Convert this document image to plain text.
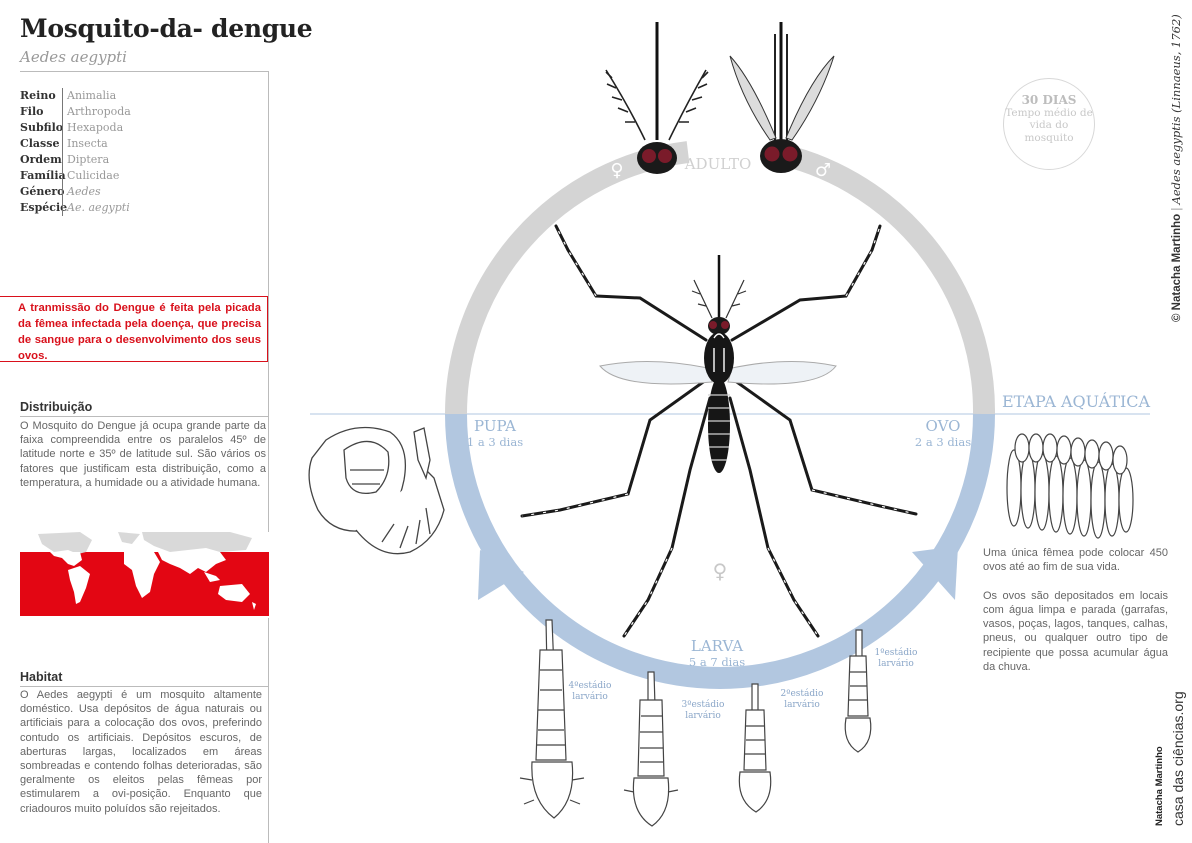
Mosquito-da- dengue
Aedes aegypti
Reino	Animalia
Filo	Arthropoda
Subfilo Hexapoda
Classe Insecta
Ordem Diptera
Família Culicidae
Género Aedes
Espécie Ae. aegypti
A tranmissão do Dengue é feita pela picada da fêmea infectada pela doença, que precisa de sangue para o desenvolvimento dos seus ovos.
Distribuição
O Mosquito do Dengue já ocupa grande parte da faixa compreendida entre os paralelos 45º de latitude norte e 35º de latitude sul. São vários os fatores que justificam esta distribuição, como a temperatura, a humidade ou a atividade humana.
Habitat
O Aedes aegypti é um mosquito altamente doméstico. Usa depósitos de água naturais ou artificiais para a colocação dos ovos, preferindo contudo os artificiais. Depósitos escuros, de aberturas largas, localizados em áreas sombreadas e contendo folhas deterioradas, são geralmente os eleitos pelas fêmeas por estimularem a ovi-posição. Enquanto que criadouros muito poluídos são rejeitados.
♀	♂
ADULTO
♀
PUPA
1 a 3 dias
OVO
2 a 3 dias
LARVA
5 a 7 dias
ETAPA AQUÁTICA
1ºestádio
larvário
2ºestádio
larvário
3ºestádio
larvário
4ºestádio
larvário
30 DIAS
Tempo médio de vida do mosquito
Uma única fêmea pode colocar 450 ovos até ao fim de sua vida.
Os ovos são depositados em locais com água limpa e parada (garrafas, vasos, poças, lagos, tanques, calhas, pneus, ou qualquer outro tipo de recipiente que possa acumular água da chuva.
© Natacha Martinho | Aedes aegyptis (Linnaeus, 1762)
Natacha Martinho casa das ciências.org
